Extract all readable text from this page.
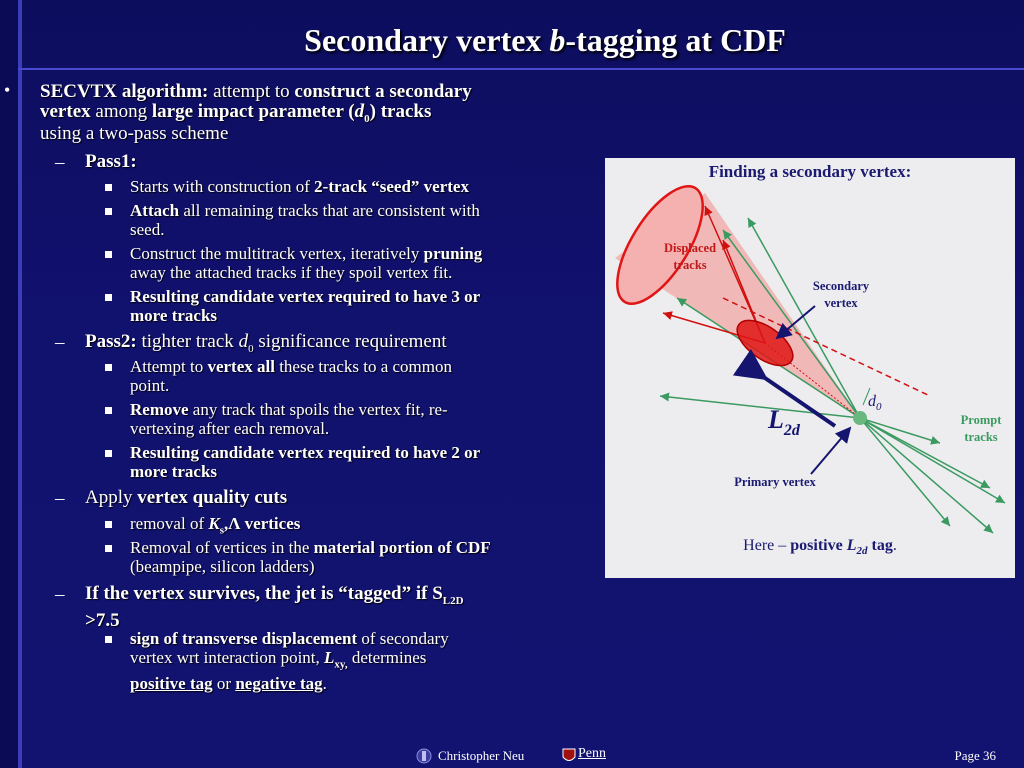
Secondary vertex b-tagging at CDF
• SECVTX algorithm: attempt to construct a secondary
vertex among large impact parameter $(d_0)$ tracks
using a two-pass scheme
– Pass1:
Starts with construction of 2-track “seed” vertex
Attach all remaining tracks that are consistent with
seed.
Construct the multitrack vertex, iteratively pruning
away the attached tracks if they spoil vertex fit.
Resulting candidate vertex required to have 3 or
more tracks
– Pass2: tighter track $d_0$ significance requirement
Attempt to vertex all these tracks to a common
point.
Remove any track that spoils the vertex fit, re-
vertexing after each removal.
Resulting candidate vertex required to have 2 or
more tracks
– Apply vertex quality cuts
removal of $K_s,\Lambda$ vertices
Removal of vertices in the material portion of CDF
(beampipe, silicon ladders)
– If the vertex survives, the jet is “tagged” if $S_{L2D}$
>7.5
sign of transverse displacement of secondary
vertex wrt interaction point, $L_{xy,}$ determines
positive tag or negative tag.
Finding a secondary vertex:
Displaced
tracks
Secondary
vertex
$d_0$
$L_{2d}$
Prompt
tracks
Primary vertex
Here – positive $L_{2d}$ tag.
Christopher Neu	Penn	Page 36
